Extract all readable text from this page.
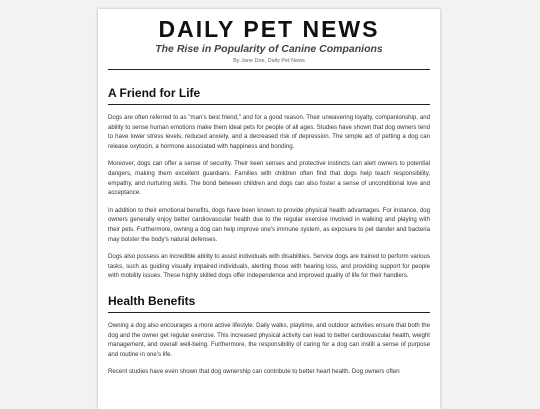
DAILY PET NEWS
The Rise in Popularity of Canine Companions
By Jane Doe, Daily Pet News
A Friend for Life

Dogs are often referred to as "man's best friend," and for a good reason. Their unwavering loyalty, companionship, and ability to sense human emotions make them ideal pets for people of all ages. Studies have shown that dog owners tend to have lower stress levels, reduced anxiety, and a decreased risk of depression. The simple act of petting a dog can release oxytocin, a hormone associated with happiness and bonding.

Moreover, dogs can offer a sense of security. Their keen senses and protective instincts can alert owners to potential dangers, making them excellent guardians. Families with children often find that dogs help teach responsibility, empathy, and nurturing skills. The bond between children and dogs can also foster a sense of unconditional love and acceptance.

In addition to their emotional benefits, dogs have been known to provide physical health advantages. For instance, dog owners generally enjoy better cardiovascular health due to the regular exercise involved in walking and playing with their pets. Furthermore, owning a dog can help improve one's immune system, as exposure to pet dander and bacteria may bolster the body's natural defenses.

Dogs also possess an incredible ability to assist individuals with disabilities. Service dogs are trained to perform various tasks, such as guiding visually impaired individuals, alerting those with hearing loss, and providing support for people with mobility issues. These highly skilled dogs offer independence and improved quality of life for their handlers.

Health Benefits

Owning a dog also encourages a more active lifestyle. Daily walks, playtime, and outdoor activities ensure that both the dog and the owner get regular exercise. This increased physical activity can lead to better cardiovascular health, weight management, and overall well-being. Furthermore, the responsibility of caring for a dog can instill a sense of purpose and routine in one's life.

Recent studies have even shown that dog ownership can contribute to better heart health. Dog owners often
